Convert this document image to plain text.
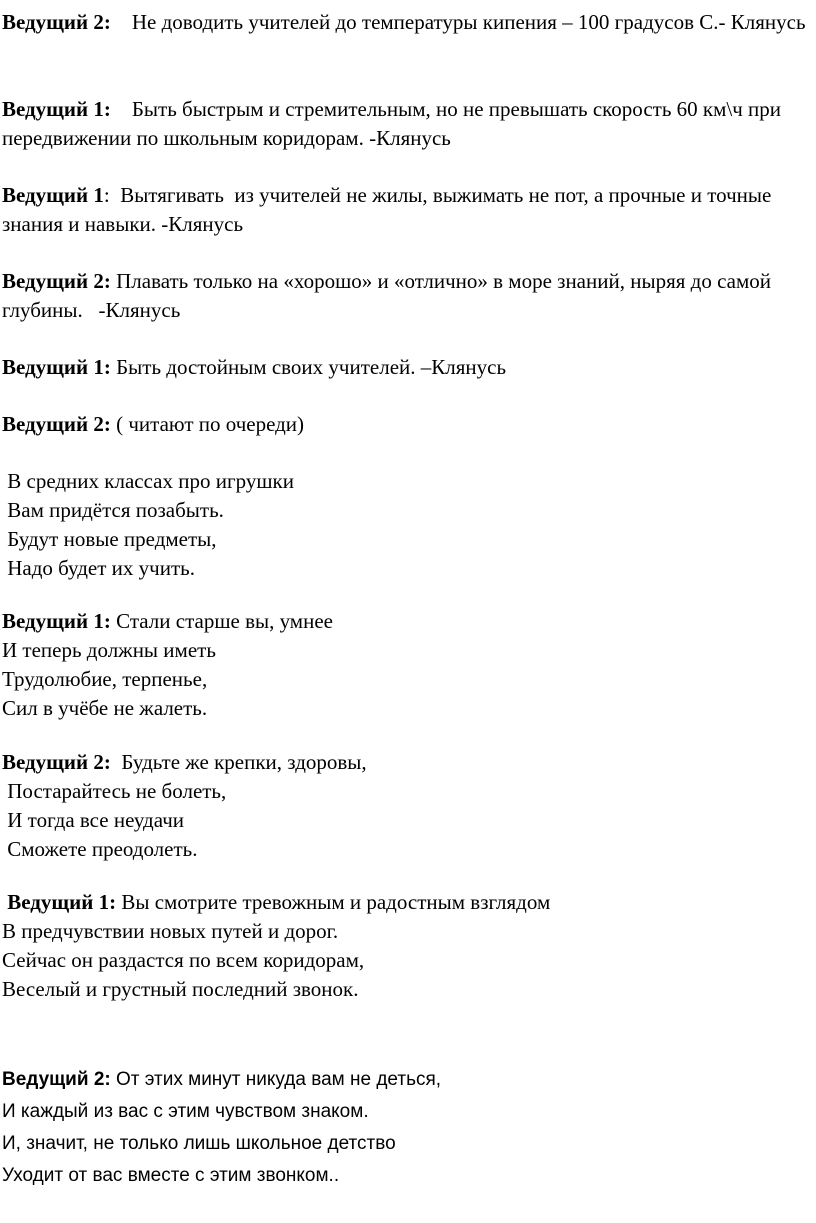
Ведущий 2:    Не доводить учителей до температуры кипения – 100 градусов С.- Клянусь

Ведущий 1:    Быть быстрым и стремительным, но не превышать скорость 60 км\ч при передвижении по школьным коридорам. -Клянусь

Ведущий 1:  Вытягивать  из учителей не жилы, выжимать не пот, а прочные и точные знания и навыки. -Клянусь

Ведущий 2: Плавать только на «хорошо» и «отлично» в море знаний, ныряя до самой глубины.   -Клянусь

Ведущий 1: Быть достойным своих учителей. –Клянусь

Ведущий 2: ( читают по очереди)

В средних классах про игрушки
Вам придётся позабыть.
Будут новые предметы,
Надо будет их учить.
Ведущий 1: Стали старше вы, умнее
И теперь должны иметь
Трудолюбие, терпенье,
Сил в учёбе не жалеть.
Ведущий 2:  Будьте же крепки, здоровы,
Постарайтесь не болеть,
И тогда все неудачи
Сможете преодолеть.
Ведущий 1: Вы смотрите тревожным и радостным взглядом
В предчувствии новых путей и дорог.
Сейчас он раздастся по всем коридорам,
Веселый и грустный последний звонок.
Ведущий 2: От этих минут никуда вам не деться,
И каждый из вас с этим чувством знаком.
И, значит, не только лишь школьное детство
Уходит от вас вместе с этим звонком..
